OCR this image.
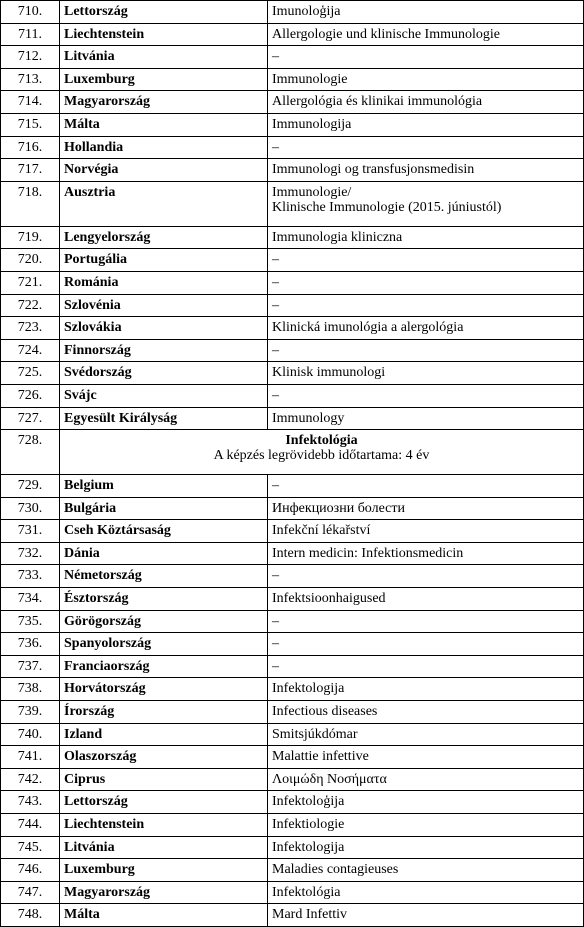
710.	Lettország	Imunoloģija

711.	Liechtenstein	Allergologie und klinische Immunologie

712.	Litvánia	–

713.	Luxemburg	Immunologie

714.	Magyarország	Allergológia és klinikai immunológia

715.	Málta	Immunologija

716.	Hollandia	–

717.	Norvégia	Immunologi og transfusjonsmedisin

718.	Ausztria	Immunologie/
Klinische Immunologie (2015. júniustól)

719.	Lengyelország	Immunologia kliniczna

720.	Portugália	–

721.	Románia	–

722.	Szlovénia	–

723.	Szlovákia	Klinická imunológia a alergológia

724.	Finnország	–

725.	Svédország	Klinisk immunologi

726.	Svájc	–

727.	Egyesült Királyság	Immunology

728.	Infektológia
A képzés legrövidebb időtartama: 4 év	

729.	Belgium	–

730.	Bulgária	Инфекциозни болести

731.	Cseh Köztársaság	Infekční lékařství

732.	Dánia	Intern medicin: Infektionsmedicin

733.	Németország	–

734.	Észtország	Infektsioonhaigused

735.	Görögország	–

736.	Spanyolország	–

737.	Franciaország	–

738.	Horvátország	Infektologija

739.	Írország	Infectious diseases

740.	Izland	Smitsjúkdómar

741.	Olaszország	Malattie infettive

742.	Ciprus	Λοιμώδη Νοσήματα

743.	Lettország	Infektoloģija

744.	Liechtenstein	Infektiologie

745.	Litvánia	Infektologija

746.	Luxemburg	Maladies contagieuses

747.	Magyarország	Infektológia

748.	Málta	Mard Infettiv
